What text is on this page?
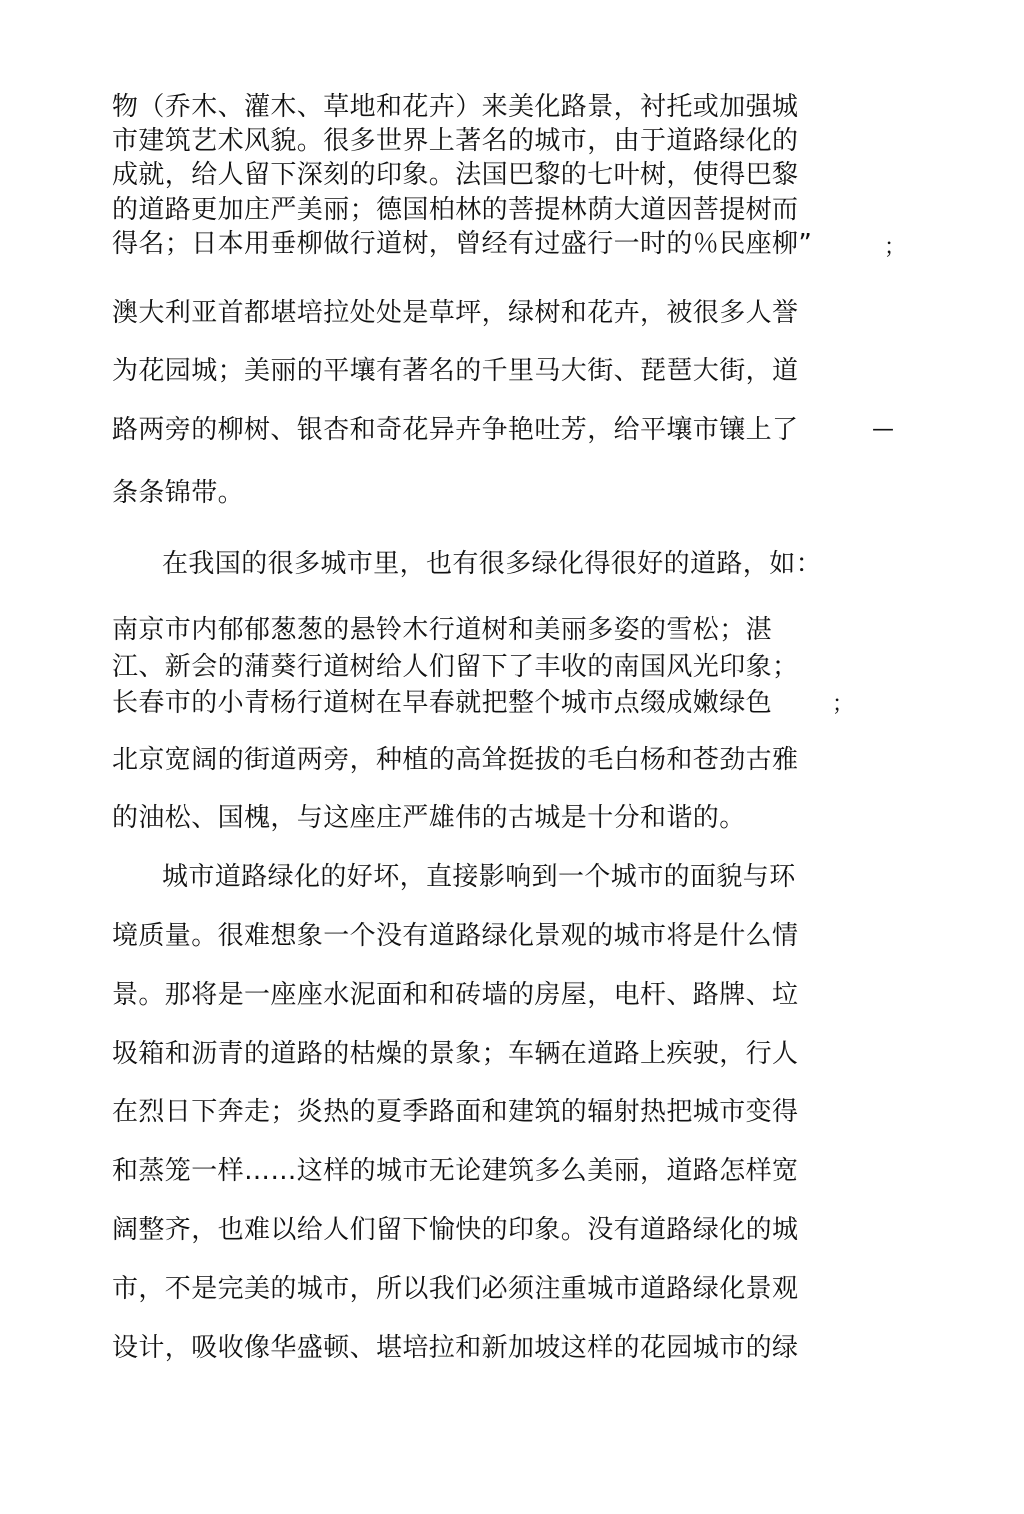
物（乔木、灌木、草地和花卉）来美化路景，衬托或加强城

市建筑艺术风貌。很多世界上著名的城市，由于道路绿化的

成就，给人留下深刻的印象。法国巴黎的七叶树，使得巴黎

的道路更加庄严美丽；德国柏林的菩提林荫大道因菩提树而

得名；日本用垂柳做行道树，曾经有过盛行一时的％民座柳”	；

澳大利亚首都堪培拉处处是草坪，绿树和花卉，被很多人誉

为花园城；美丽的平壤有著名的千里马大街、琵琶大街，道

路两旁的柳树、银杏和奇花异卉争艳吐芳，给平壤市镶上了	—

条条锦带。

在我国的很多城市里，也有很多绿化得很好的道路，如：

南京市内郁郁葱葱的悬铃木行道树和美丽多姿的雪松；湛

江、新会的蒲葵行道树给人们留下了丰收的南国风光印象；

长春市的小青杨行道树在早春就把整个城市点缀成嫩绿色	；

北京宽阔的街道两旁，种植的高耸挺拔的毛白杨和苍劲古雅

的油松、国槐，与这座庄严雄伟的古城是十分和谐的。

城市道路绿化的好坏，直接影响到一个城市的面貌与环

境质量。很难想象一个没有道路绿化景观的城市将是什么情

景。那将是一座座水泥面和和砖墙的房屋，电杆、路牌、垃

圾箱和沥青的道路的枯燥的景象；车辆在道路上疾驶，行人

在烈日下奔走；炎热的夏季路面和建筑的辐射热把城市变得

和蒸笼一样……这样的城市无论建筑多么美丽，道路怎样宽

阔整齐，也难以给人们留下愉快的印象。没有道路绿化的城

市，不是完美的城市，所以我们必须注重城市道路绿化景观

设计，吸收像华盛顿、堪培拉和新加坡这样的花园城市的绿
